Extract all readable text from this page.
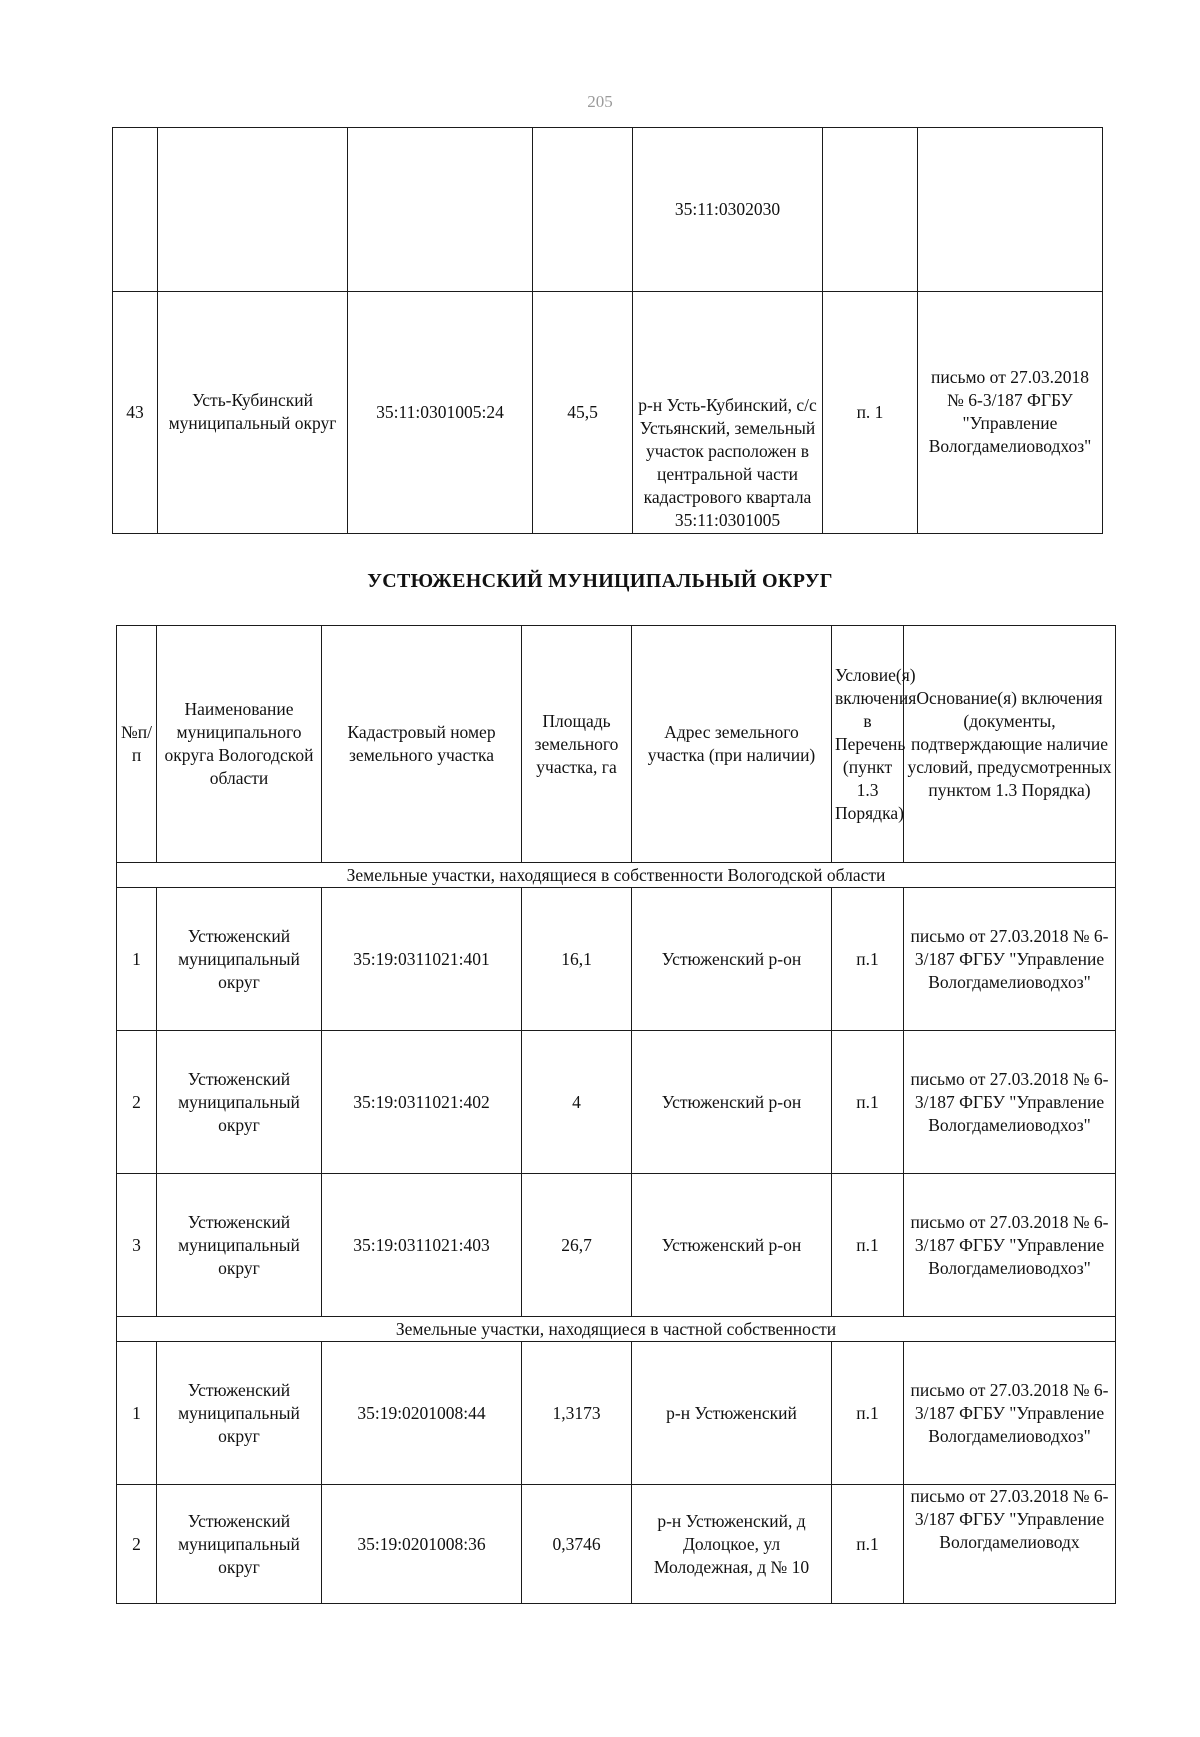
205
				35:11:0302030		
43	Усть-Кубинский муниципальный округ	35:11:0301005:24	45,5	р-н Усть-Кубинский, с/с Устьянский, земельный участок расположен в центральной части кадастрового квартала 35:11:0301005	п. 1	письмо от 27.03.2018 № 6-3/187 ФГБУ "Управление Вологдамелиоводхоз"
УСТЮЖЕНСКИЙ МУНИЦИПАЛЬНЫЙ ОКРУГ
№п/п	Наименование муниципального округа Вологодской области	Кадастровый номер земельного участка	Площадь земельного участка, га	Адрес земельного участка (при наличии)	Условие(я) включения в Перечень (пункт 1.3 Порядка)	Основание(я) включения (документы, подтверждающие наличие условий, предусмотренных пунктом 1.3 Порядка)
Земельные участки, находящиеся в собственности Вологодской области						
1	Устюженский муниципальный округ	35:19:0311021:401	16,1	Устюженский р-он	п.1	письмо от 27.03.2018 № 6-3/187 ФГБУ "Управление Вологдамелиоводхоз"
2	Устюженский муниципальный округ	35:19:0311021:402	4	Устюженский р-он	п.1	письмо от 27.03.2018 № 6-3/187 ФГБУ "Управление Вологдамелиоводхоз"
3	Устюженский муниципальный округ	35:19:0311021:403	26,7	Устюженский р-он	п.1	письмо от 27.03.2018 № 6-3/187 ФГБУ "Управление Вологдамелиоводхоз"
Земельные участки, находящиеся в частной собственности						
1	Устюженский муниципальный округ	35:19:0201008:44	1,3173	р-н Устюженский	п.1	письмо от 27.03.2018 № 6-3/187 ФГБУ "Управление Вологдамелиоводхоз"
2	Устюженский муниципальный округ	35:19:0201008:36	0,3746	р-н Устюженский, д Долоцкое, ул Молодежная, д № 10	п.1	письмо от 27.03.2018 № 6-3/187 ФГБУ "Управление Вологдамелиоводх
